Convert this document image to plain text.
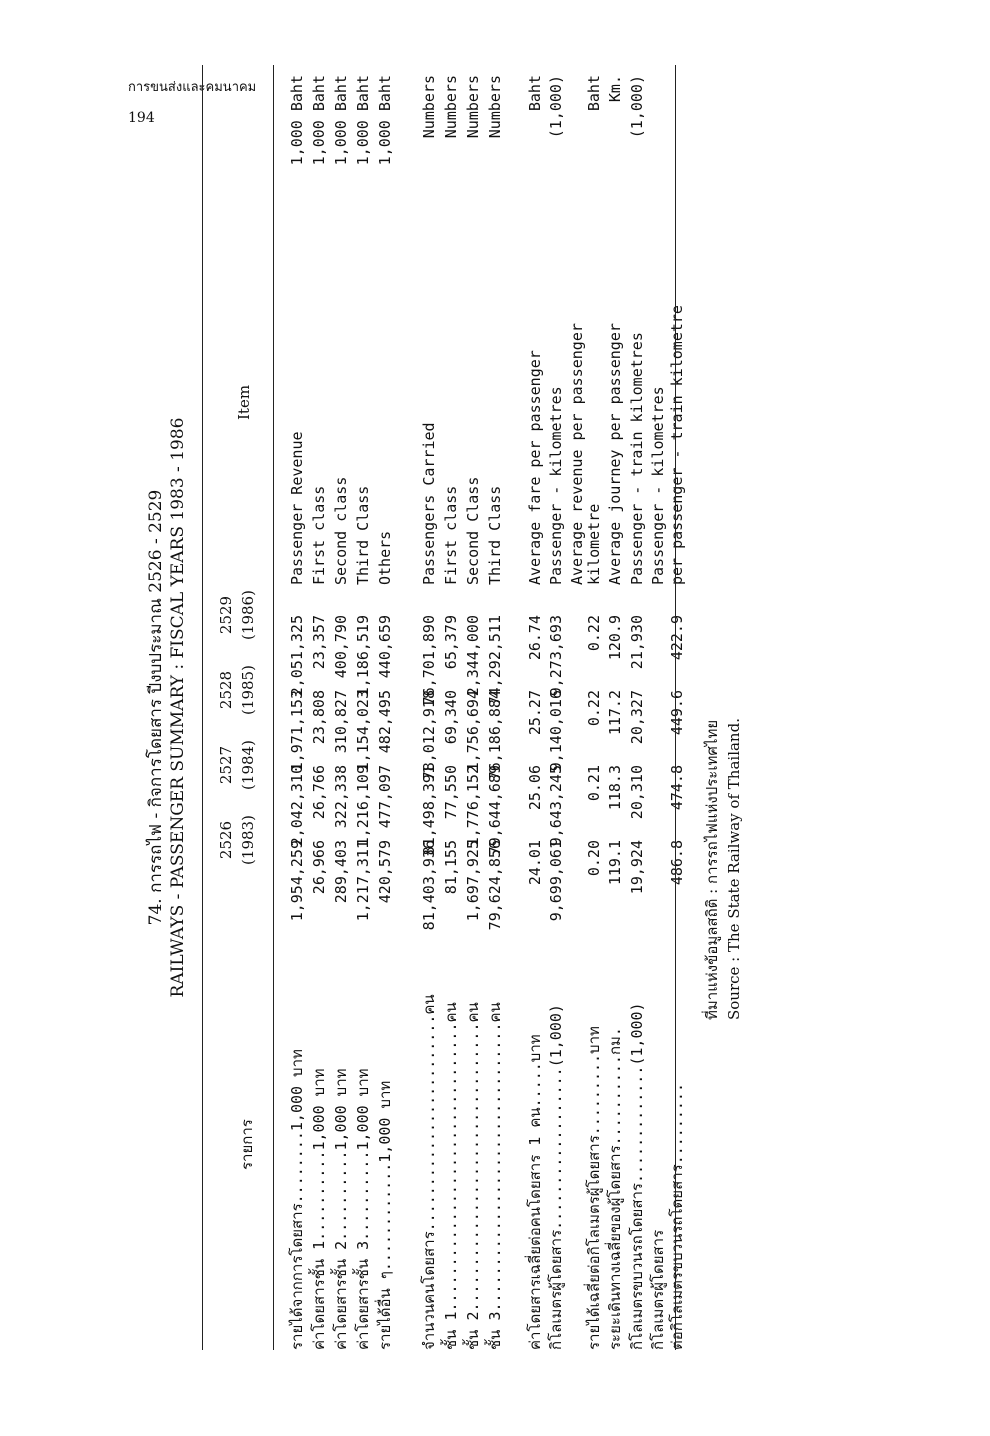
การขนส่งและคมนาคม
194
74. การรถไฟ - กิจการโดยสาร ปีงบประมาณ 2526 - 2529 RAILWAYS - PASSENGER SUMMARY : FISCAL YEARS 1983 - 1986
รายการ
2526 (1983)
2527 (1984)
2528 (1985)
2529 (1986)
Item
รายได้จากการโดยสาร........1,000 บาท
1,954,259
2,042,310
1,971,153
2,051,325
Passenger Revenue
1,000 Baht
ค่าโดยสารชั้น 1..........1,000 บาท
26,966
26,766
23,808
23,357
First class
1,000 Baht
ค่าโดยสารชั้น 2..........1,000 บาท
289,403
322,338
310,827
400,790
Second class
1,000 Baht
ค่าโดยสารชั้น 3..........1,000 บาท
1,217,311
1,216,109
1,154,023
1,186,519
Third Class
1,000 Baht
รายได้อื่น ๆ............1,000 บาท
420,579
477,097
482,495
440,659
Others
1,000 Baht
จำนวนคนโดยสาร........................คน
81,403,936
81,498,391
78,012,918
76,701,890
Passengers Carried
Numbers
ชั้น 1................................คน
81,155
77,550
69,340
65,379
First class
Numbers
ชั้น 2................................คน
1,697,925
1,776,152
1,756,694
2,344,000
Second Class
Numbers
ชั้น 3................................คน
79,624,856
79,644,689
76,186,884
74,292,511
Third Class
Numbers
ค่าโดยสารเฉลี่ยต่อคนโดยสาร 1 คน.....บาท
24.01
25.06
25.27
26.74
Average fare per passenger
Baht
กิโลเมตรผู้โดยสาร..................(1,000)
9,699,061
9,643,245
9,140,016
9,273,693
Passenger - kilometres
(1,000)
Average revenue per passenger
รายได้เฉลี่ยต่อกิโลเมตรผู้โดยสาร.........บาท
0.20
0.21
0.22
0.22
kilometre
Baht
ระยะเดินทางเฉลี่ยของผู้โดยสาร..........กม.
119.1
118.3
117.2
120.9
Average journey per passenger
Km.
กิโลเมตรขบวนรถโดยสาร.............(1,000)
19,924
20,310
20,327
21,930
Passenger - train kilometres
(1,000)
กิโลเมตรผู้โดยสาร
Passenger - kilometres
ต่อกิโลเมตรขบวนรถโดยสาร.........
486.8
474.8
449.6
422.9
per passenger - train kilometre
ที่มาแห่งข้อมูลสถิติ : การรถไฟแห่งประเทศไทย Source : The State Railway of Thailand.
